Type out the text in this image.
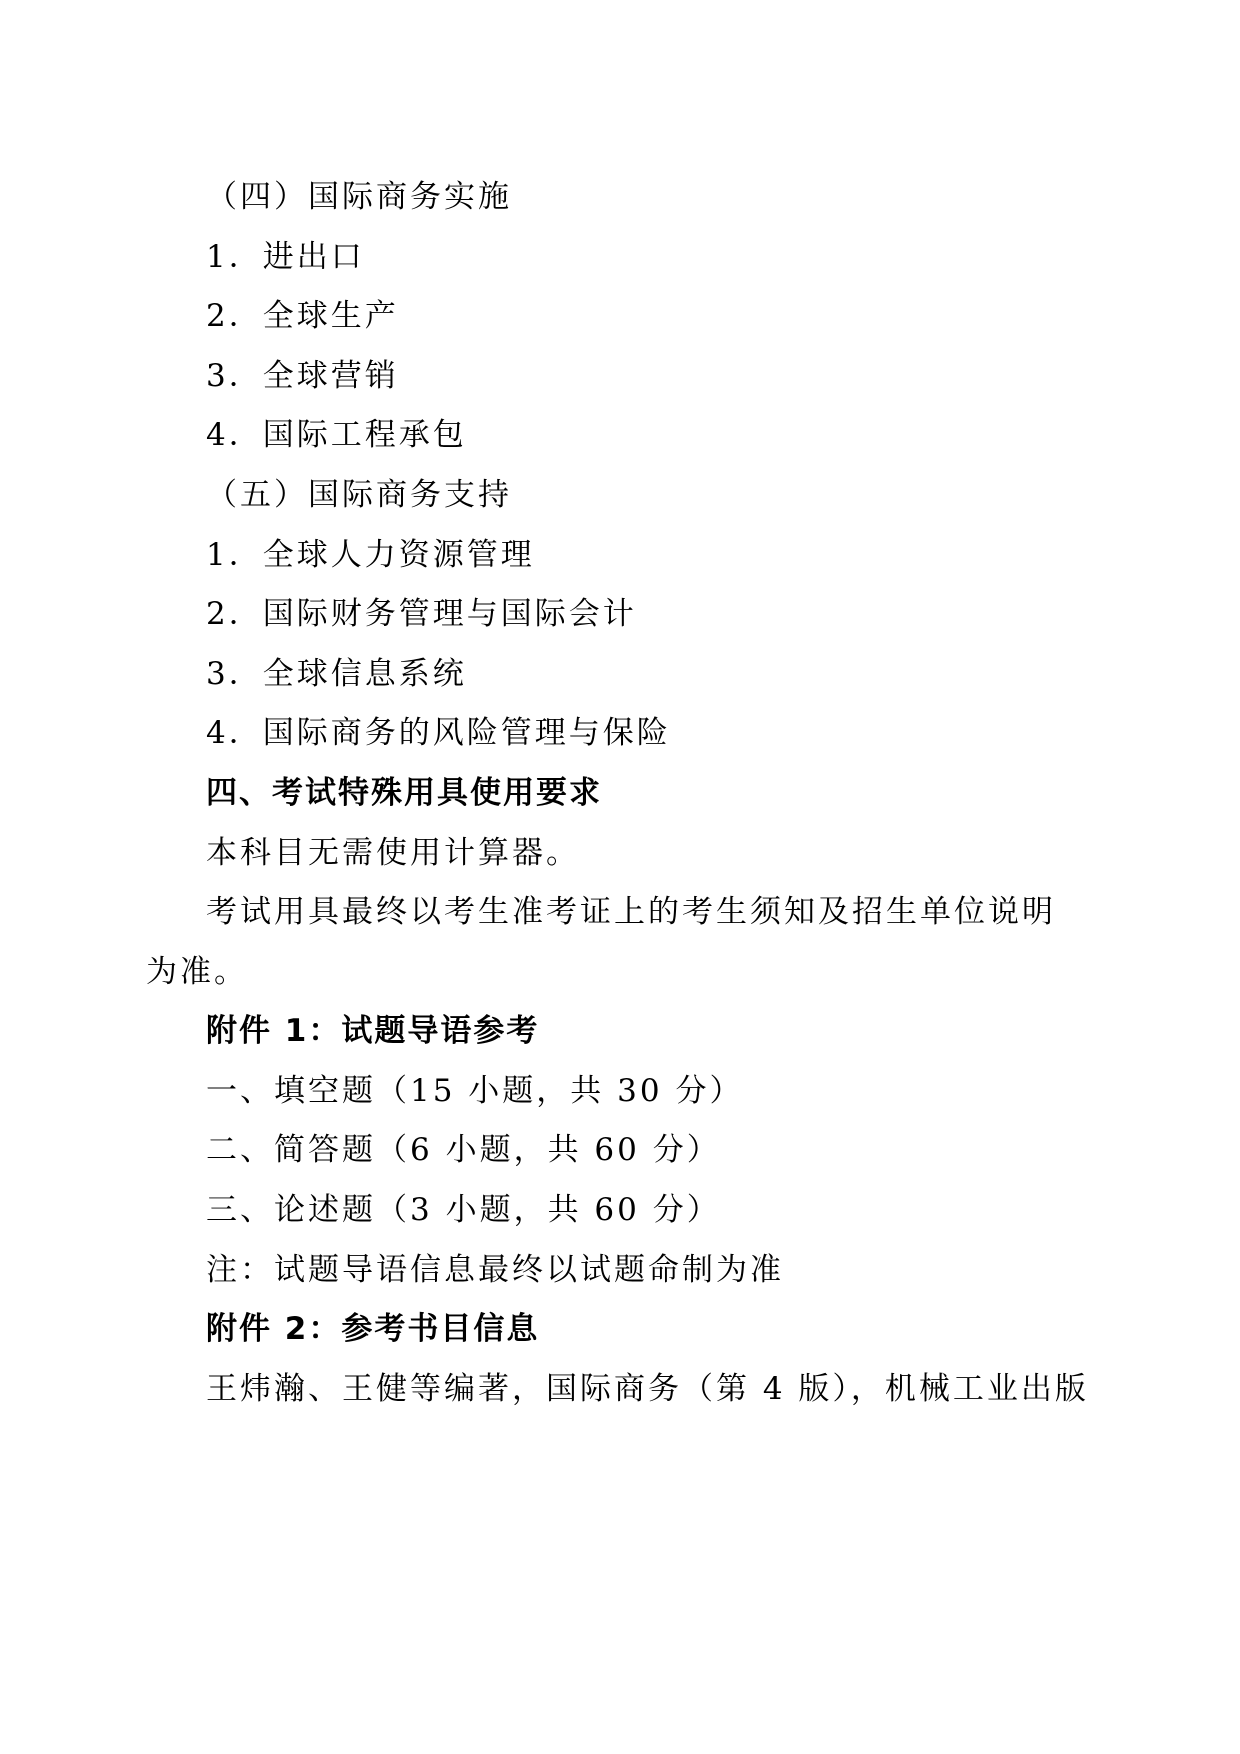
（四）国际商务实施
1．进出口
2．全球生产
3．全球营销
4．国际工程承包
（五）国际商务支持
1．全球人力资源管理
2．国际财务管理与国际会计
3．全球信息系统
4．国际商务的风险管理与保险
四、考试特殊用具使用要求
本科目无需使用计算器。
考试用具最终以考生准考证上的考生须知及招生单位说明
为准。
附件 1：试题导语参考
一、填空题（15 小题，共 30 分）
二、简答题（6 小题，共 60 分）
三、论述题（3 小题，共 60 分）
注：试题导语信息最终以试题命制为准
附件 2：参考书目信息
王炜瀚、王健等编著，国际商务（第 4 版），机械工业出版
